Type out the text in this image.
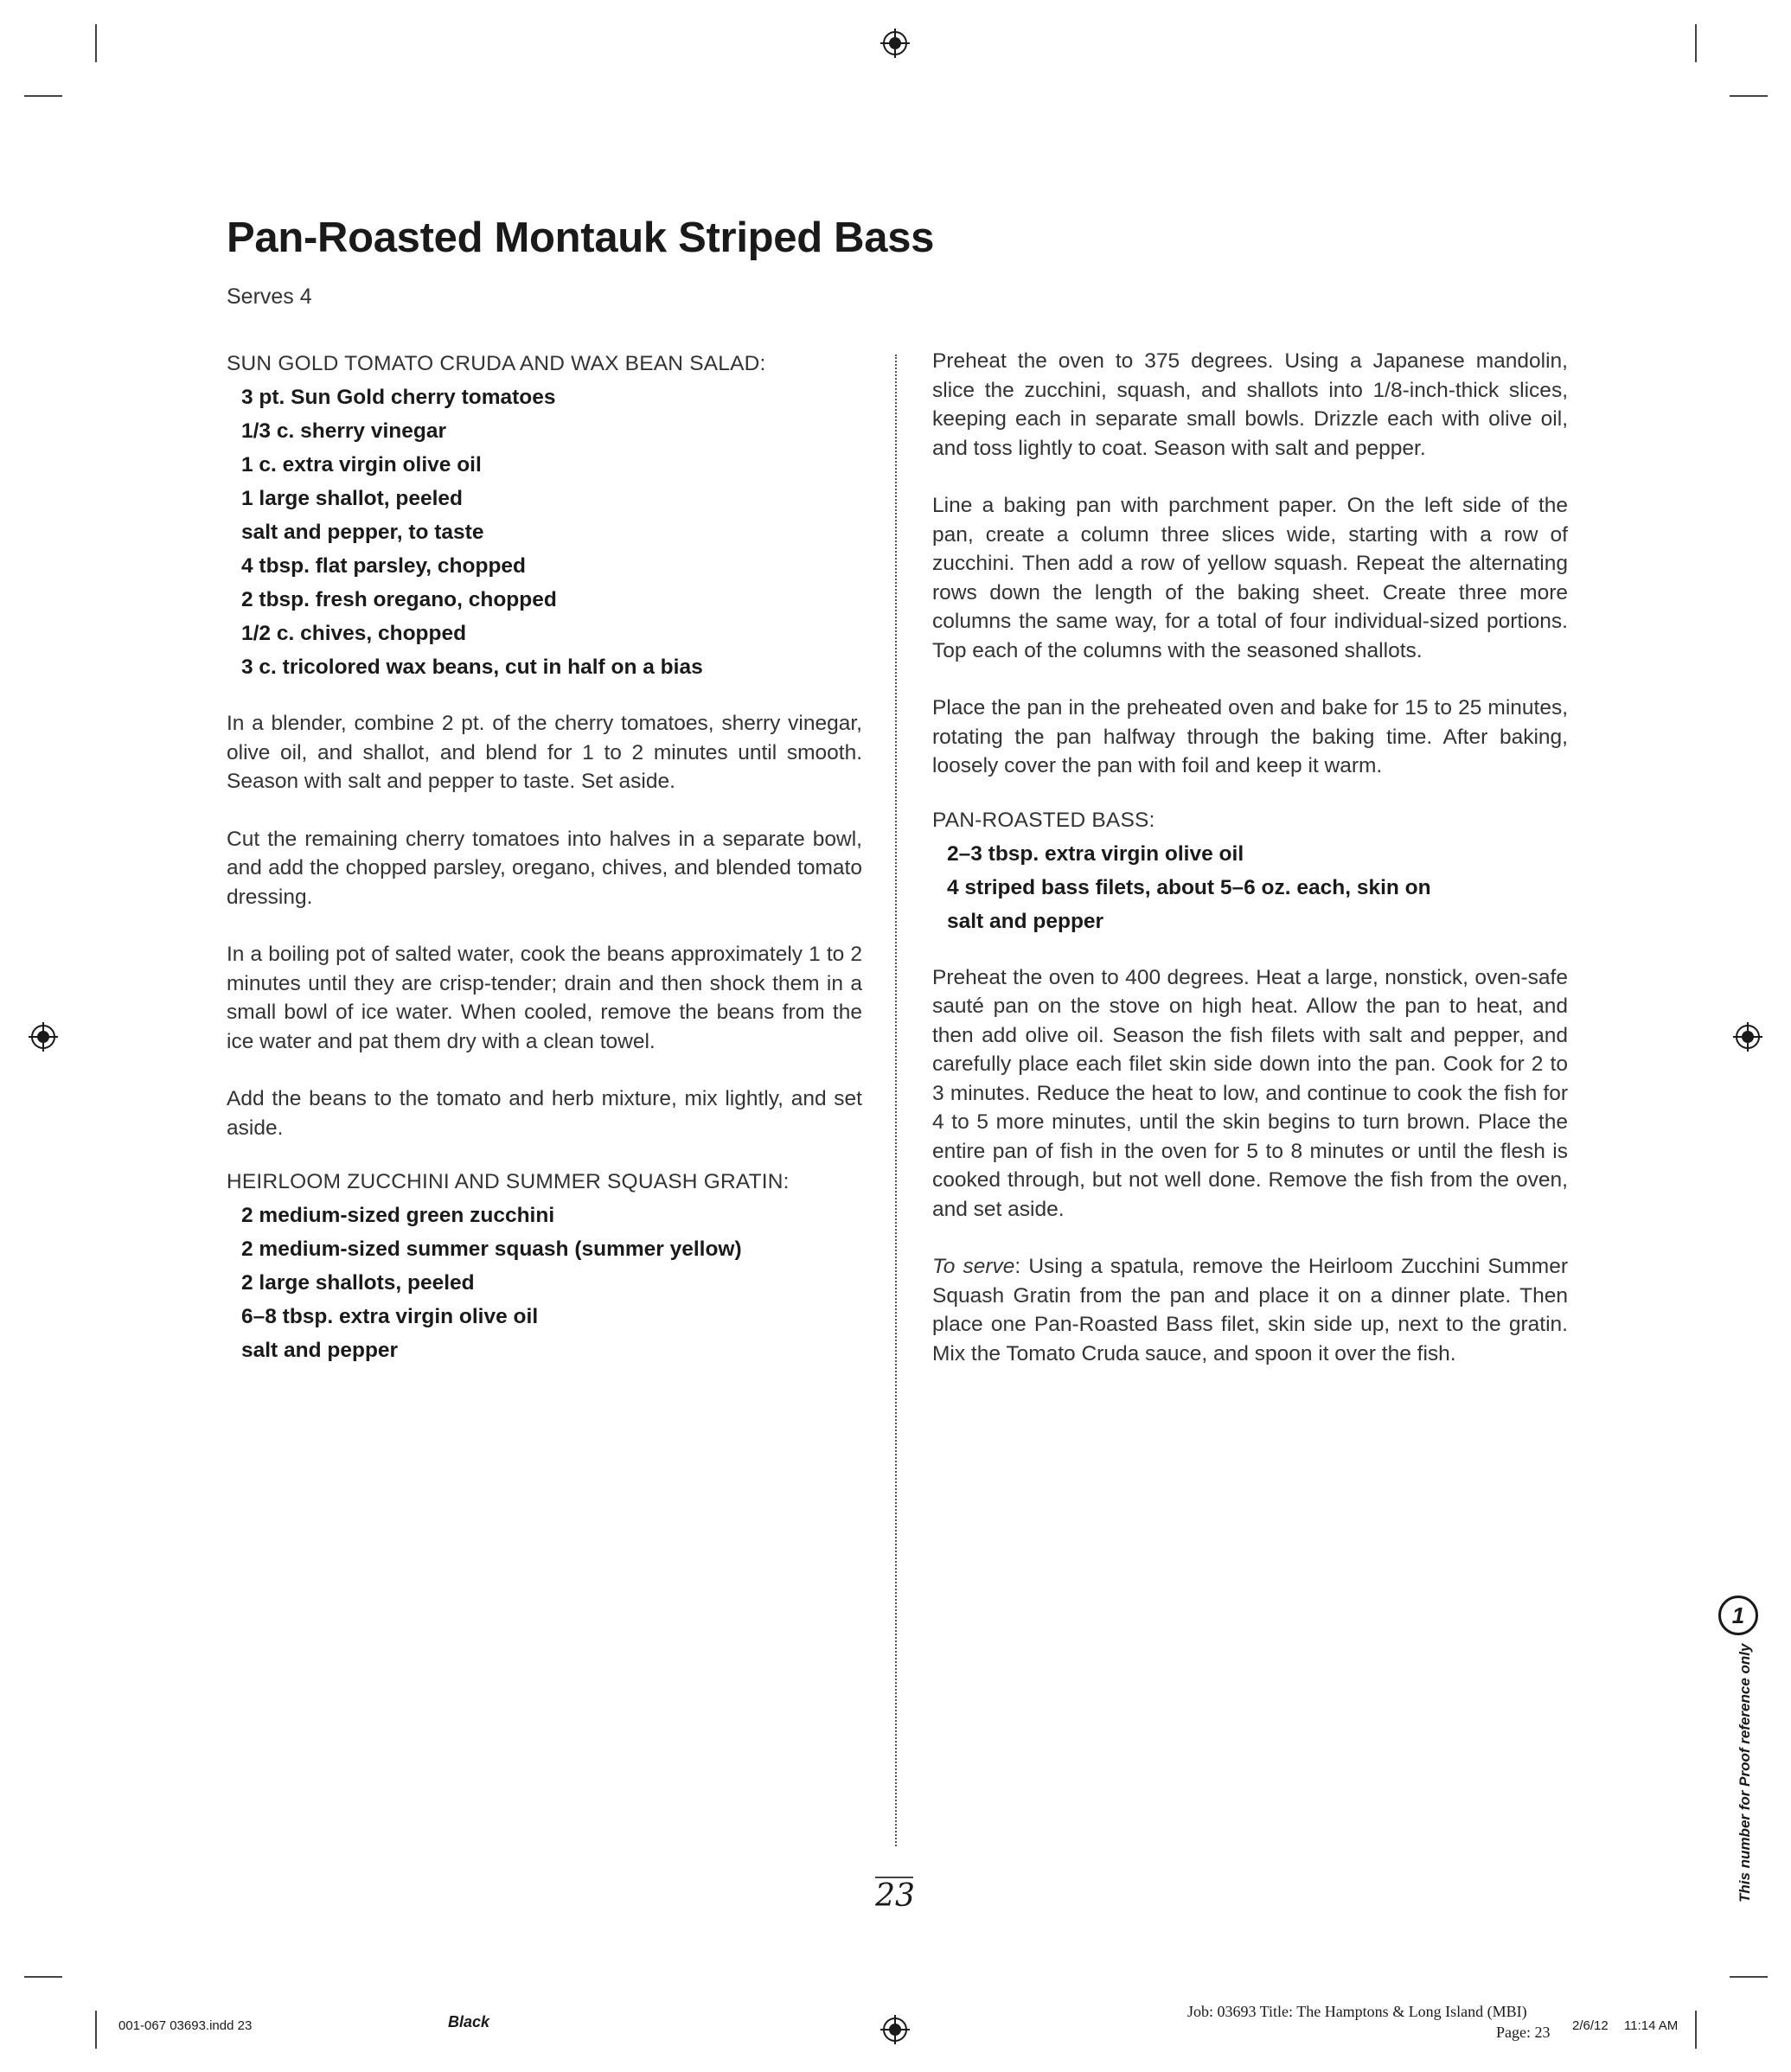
Pan-Roasted Montauk Striped Bass
Serves 4
SUN GOLD TOMATO CRUDA AND WAX BEAN SALAD:
3 pt. Sun Gold cherry tomatoes
1/3 c. sherry vinegar
1 c. extra virgin olive oil
1 large shallot, peeled
salt and pepper, to taste
4 tbsp. flat parsley, chopped
2 tbsp. fresh oregano, chopped
1/2 c. chives, chopped
3 c. tricolored wax beans, cut in half on a bias

In a blender, combine 2 pt. of the cherry tomatoes, sherry vinegar, olive oil, and shallot, and blend for 1 to 2 minutes until smooth. Season with salt and pepper to taste. Set aside.

Cut the remaining cherry tomatoes into halves in a separate bowl, and add the chopped parsley, oregano, chives, and blended tomato dressing.

In a boiling pot of salted water, cook the beans approximately 1 to 2 minutes until they are crisp-tender; drain and then shock them in a small bowl of ice water. When cooled, remove the beans from the ice water and pat them dry with a clean towel.

Add the beans to the tomato and herb mixture, mix lightly, and set aside.

HEIRLOOM ZUCCHINI AND SUMMER SQUASH GRATIN:
2 medium-sized green zucchini
2 medium-sized summer squash (summer yellow)
2 large shallots, peeled
6–8 tbsp. extra virgin olive oil
salt and pepper

Preheat the oven to 375 degrees. Using a Japanese mandolin, slice the zucchini, squash, and shallots into 1/8-inch-thick slices, keeping each in separate small bowls. Drizzle each with olive oil, and toss lightly to coat. Season with salt and pepper.

Line a baking pan with parchment paper. On the left side of the pan, create a column three slices wide, starting with a row of zucchini. Then add a row of yellow squash. Repeat the alternating rows down the length of the baking sheet. Create three more columns the same way, for a total of four individual-sized portions. Top each of the columns with the seasoned shallots.

Place the pan in the preheated oven and bake for 15 to 25 minutes, rotating the pan halfway through the baking time. After baking, loosely cover the pan with foil and keep it warm.

PAN-ROASTED BASS:
2–3 tbsp. extra virgin olive oil
4 striped bass filets, about 5–6 oz. each, skin on
salt and pepper

Preheat the oven to 400 degrees. Heat a large, nonstick, oven-safe sauté pan on the stove on high heat. Allow the pan to heat, and then add olive oil. Season the fish filets with salt and pepper, and carefully place each filet skin side down into the pan. Cook for 2 to 3 minutes. Reduce the heat to low, and continue to cook the fish for 4 to 5 more minutes, until the skin begins to turn brown. Place the entire pan of fish in the oven for 5 to 8 minutes or until the flesh is cooked through, but not well done. Remove the fish from the oven, and set aside.

To serve: Using a spatula, remove the Heirloom Zucchini Summer Squash Gratin from the pan and place it on a dinner plate. Then place one Pan-Roasted Bass filet, skin side up, next to the gratin. Mix the Tomato Cruda sauce, and spoon it over the fish.

23
1
This number for Proof reference only
001-067 03693.indd 23	Black
Job: 03693 Title: The Hamptons & Long Island (MBI)
Page: 23 2/6/12 11:14 AM
